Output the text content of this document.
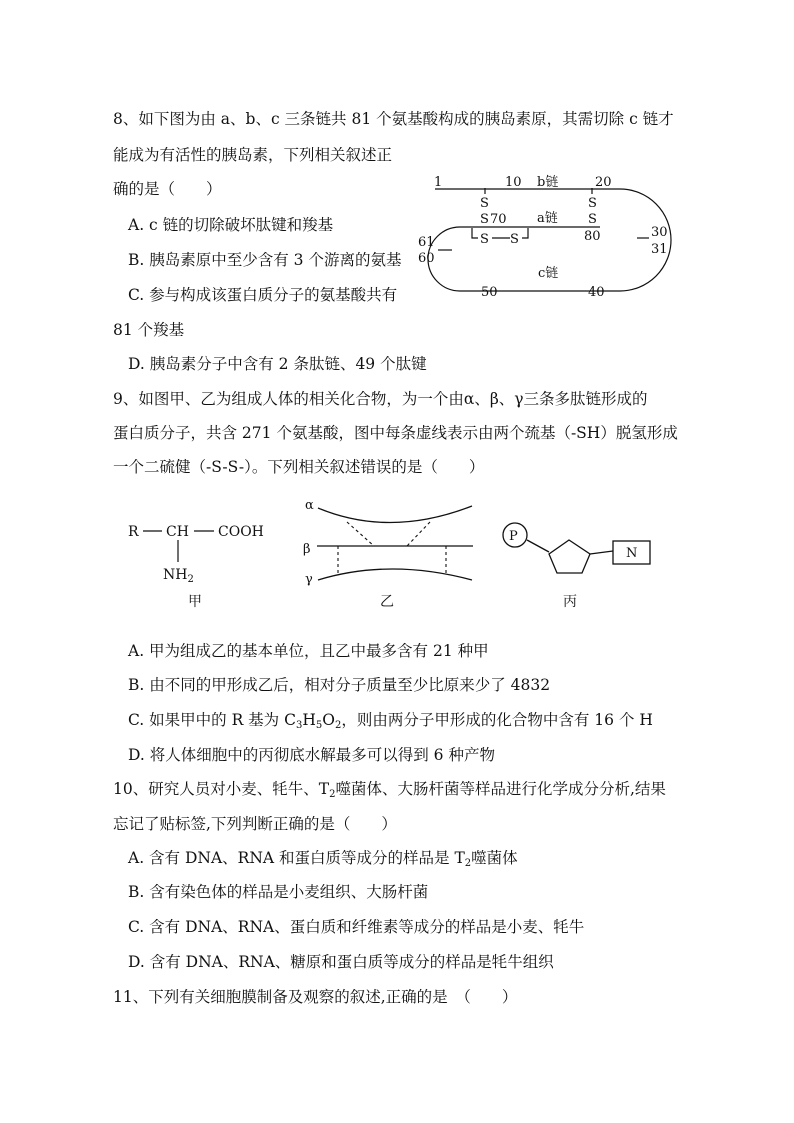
8、如下图为由 a、b、c 三条链共 81 个氨基酸构成的胰岛素原，其需切除 c 链才
能成为有活性的胰岛素，下列相关叙述正
确的是（　　）
A. c 链的切除破坏肽键和羧基
B. 胰岛素原中至少含有 3 个游离的氨基
C. 参与构成该蛋白质分子的氨基酸共有
81 个羧基
D. 胰岛素分子中含有 2 条肽链、49 个肽键
1	10 b链	20
S
S 70 a链
S
S
80
S S
61
60
30
31
c链
50	40
9、如图甲、乙为组成人体的相关化合物，为一个由α、β、γ三条多肽链形成的
蛋白质分子，共含 271 个氨基酸，图中每条虚线表示由两个巯基（-SH）脱氢形成
一个二硫健（-S-S-）。下列相关叙述错误的是（　　）
R CH COOH
$NH_2$
甲
α
β
γ
乙
P
N
丙
A. 甲为组成乙的基本单位，且乙中最多含有 21 种甲
B. 由不同的甲形成乙后，相对分子质量至少比原来少了 4832
C. 如果甲中的 R 基为 $C_3H_5O_2$，则由两分子甲形成的化合物中含有 16 个 H
D. 将人体细胞中的丙彻底水解最多可以得到 6 种产物
10、研究人员对小麦、牦牛、$T_2$噬菌体、大肠杆菌等样品进行化学成分分析,结果
忘记了贴标签,下列判断正确的是（　　）
A. 含有 DNA、RNA 和蛋白质等成分的样品是 $T_2$噬菌体
B. 含有染色体的样品是小麦组织、大肠杆菌
C. 含有 DNA、RNA、蛋白质和纤维素等成分的样品是小麦、牦牛
D. 含有 DNA、RNA、糖原和蛋白质等成分的样品是牦牛组织
11、下列有关细胞膜制备及观察的叙述,正确的是　（　　）
